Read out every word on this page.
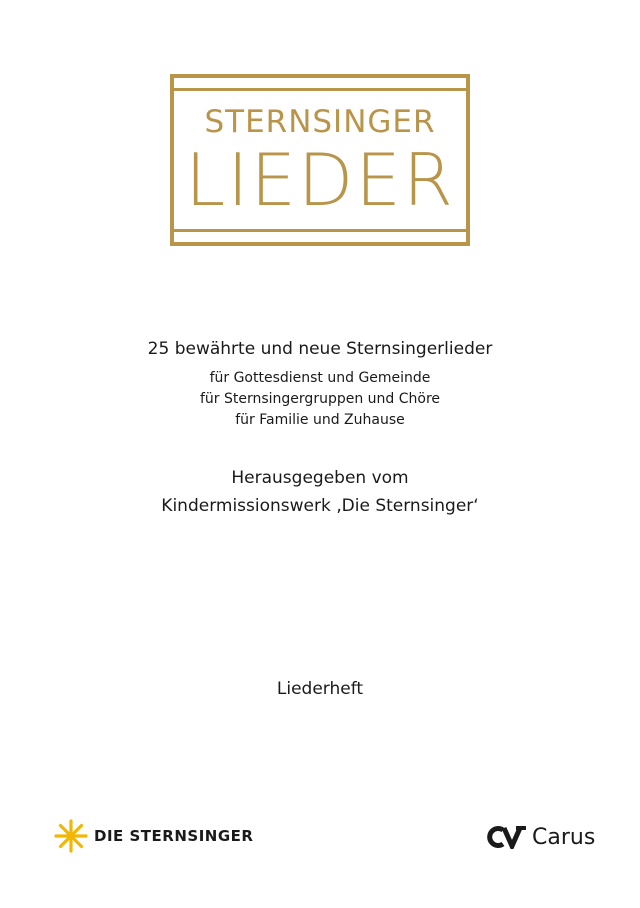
STERNSINGER
LIEDER
25 bewährte und neue Sternsingerlieder
für Gottesdienst und Gemeinde
für Sternsingergruppen und Chöre
für Familie und Zuhause
Herausgegeben vom
Kindermissionswerk ‚Die Sternsinger‘
Liederheft
DIE STERNSINGER	Carus
